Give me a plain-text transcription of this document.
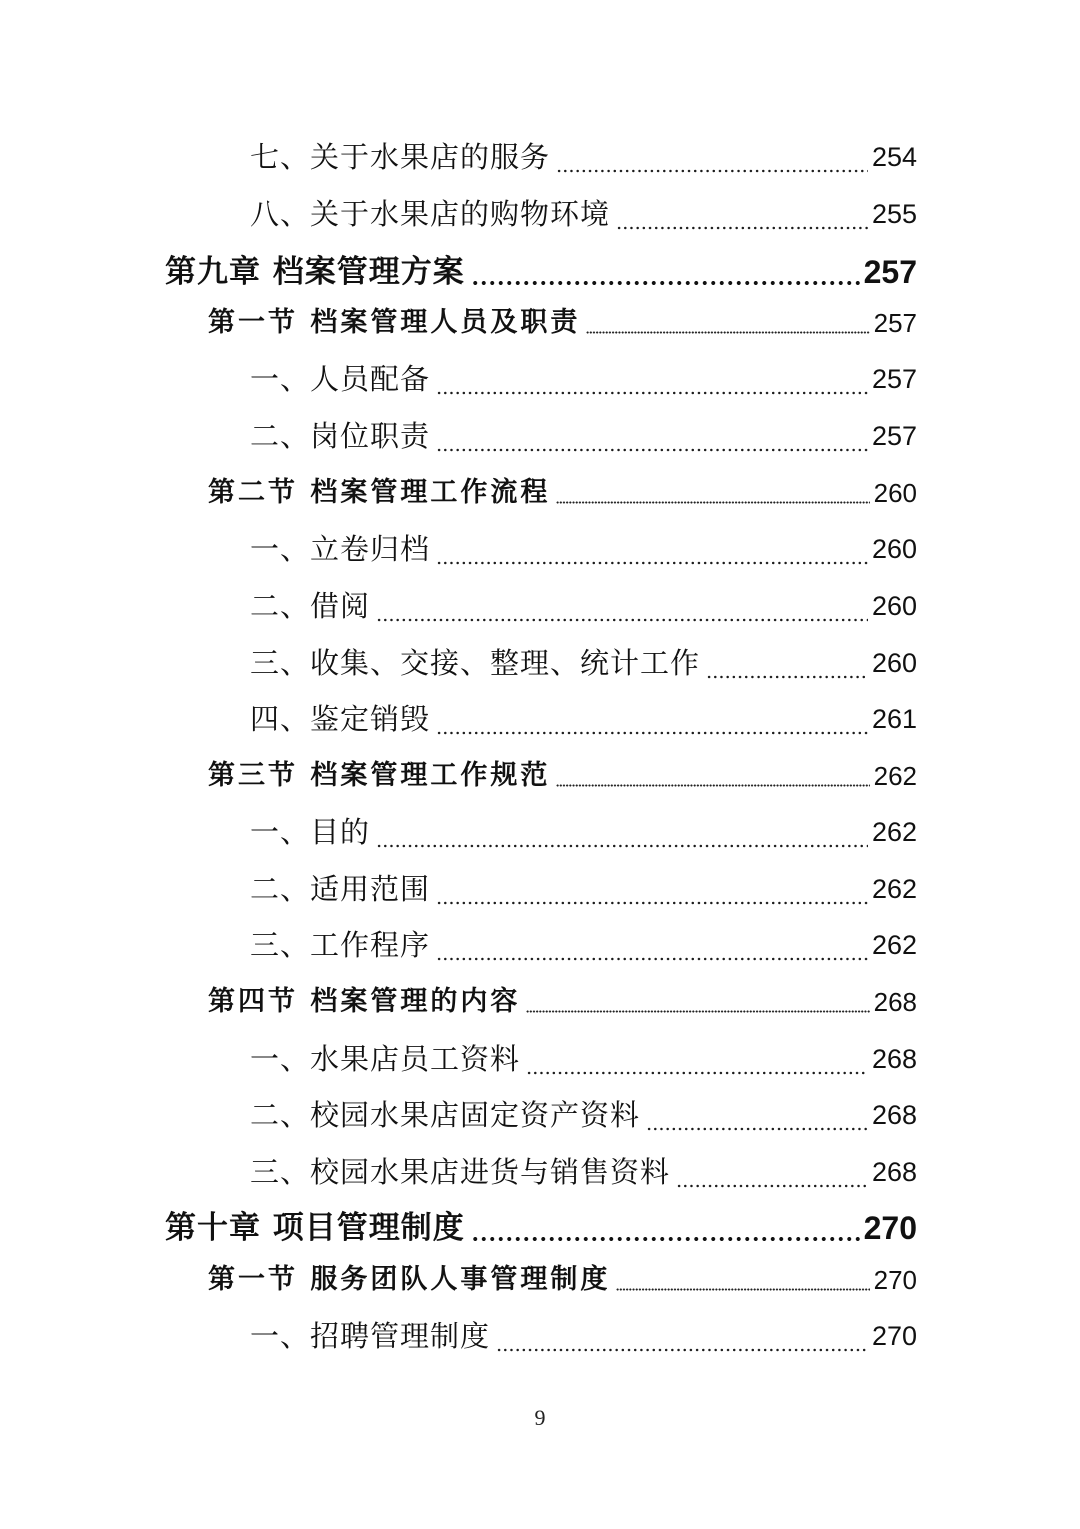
七、关于水果店的服务	254
八、关于水果店的购物环境	255
第九章 档案管理方案	257
第一节 档案管理人员及职责	257
一、人员配备	257
二、岗位职责	257
第二节 档案管理工作流程	260
一、立卷归档	260
二、借阅	260
三、收集、交接、整理、统计工作	260
四、鉴定销毁	261
第三节 档案管理工作规范	262
一、目的	262
二、适用范围	262
三、工作程序	262
第四节 档案管理的内容	268
一、水果店员工资料	268
二、校园水果店固定资产资料	268
三、校园水果店进货与销售资料	268
第十章 项目管理制度	270
第一节 服务团队人事管理制度	270
一、招聘管理制度	270
9
